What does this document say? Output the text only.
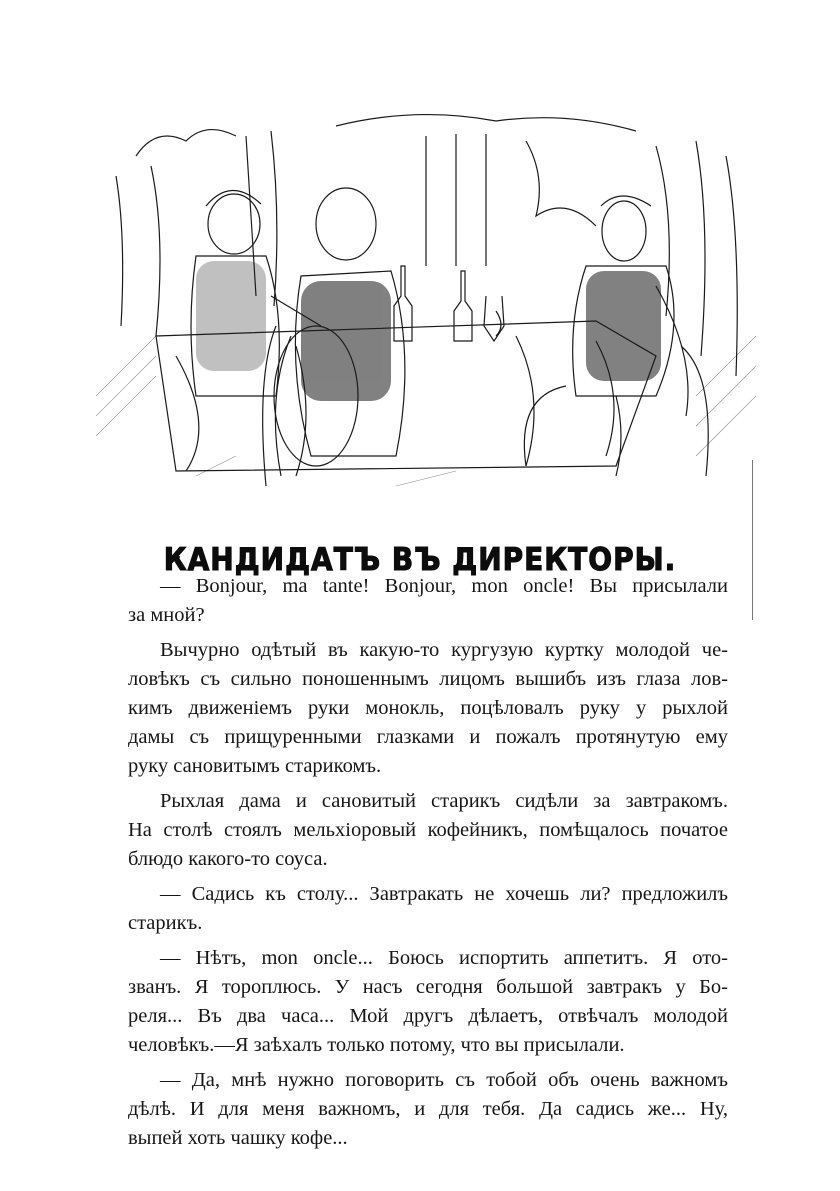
КАНДИДАТЪ ВЪ ДИРЕКТОРЫ.

— Bonjour, ma tante! Bonjour, mon oncle! Вы присылали
за мной?

Вычурно одѣтый въ какую-то кургузую куртку молодой че-
ловѣкъ съ сильно поношеннымъ лицомъ вышибъ изъ глаза лов-
кимъ движеніемъ руки монокль, поцѣловалъ руку у рыхлой
дамы съ прищуренными глазками и пожалъ протянутую ему
руку сановитымъ старикомъ.

Рыхлая дама и сановитый старикъ сидѣли за завтракомъ.
На столѣ стоялъ мельхіоровый кофейникъ, помѣщалось початое
блюдо какого-то соуса.

— Садись къ столу... Завтракать не хочешь ли? предложилъ
старикъ.

— Нѣтъ, mon oncle... Боюсь испортить аппетитъ. Я ото-
званъ. Я тороплюсь. У насъ сегодня большой завтракъ у Бо-
реля... Въ два часа... Мой другъ дѣлаетъ, отвѣчалъ молодой
человѣкъ.—Я заѣхалъ только потому, что вы присылали.

— Да, мнѣ нужно поговорить съ тобой объ очень важномъ
дѣлѣ. И для меня важномъ, и для тебя. Да садись же... Ну,
выпей хоть чашку кофе...
